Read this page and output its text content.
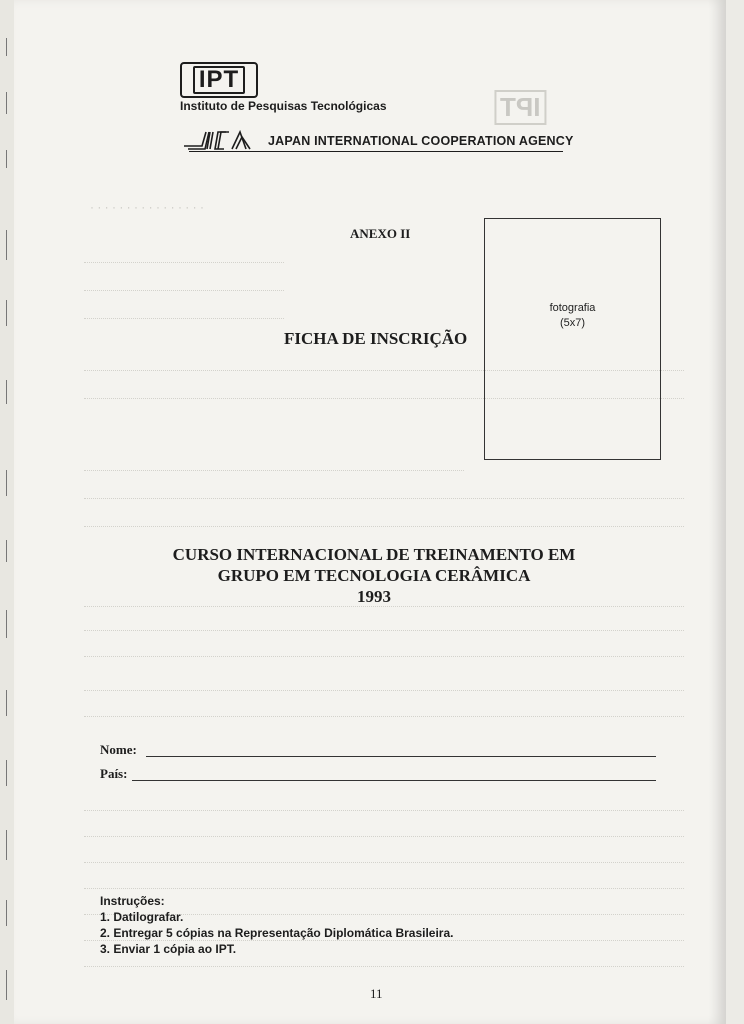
IPT
· · · · · · · · · · · · · · · ·
IPT
Instituto de Pesquisas Tecnológicas
JAPAN INTERNATIONAL COOPERATION AGENCY
ANEXO II
fotografia
(5x7)
FICHA DE INSCRIÇÃO
CURSO INTERNACIONAL DE TREINAMENTO EM
GRUPO EM TECNOLOGIA CERÂMICA
1993
Nome:
País:
Instruções:
1. Datilografar.
2. Entregar 5 cópias na Representação Diplomática Brasileira.
3. Enviar 1 cópia ao IPT.
11
